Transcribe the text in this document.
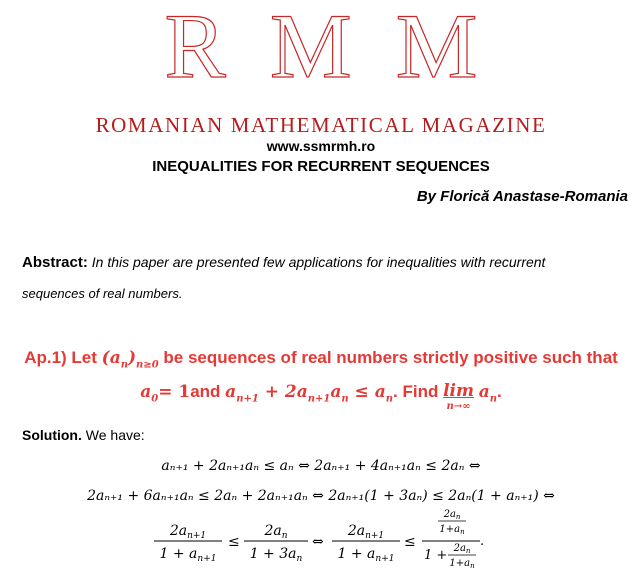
RMM
ROMANIAN MATHEMATICAL MAGAZINE
www.ssmrmh.ro
INEQUALITIES FOR RECURRENT SEQUENCES
By Florică Anastase-Romania
Abstract: In this paper are presented few applications for inequalities with recurrent
sequences of real numbers.
Ap.1) Let $(a_n)_{n\ge 0}$ be sequences of real numbers strictly positive such that
$a_0= 1and$ $a_{n+1} + 2a_{n+1}a_n \le a_n$. Find lim
n→∞
$a_n$.
Solution. We have:
aₙ₊₁ + 2aₙ₊₁aₙ ≤ aₙ ⇔ 2aₙ₊₁ + 4aₙ₊₁aₙ ≤ 2aₙ ⇔
2aₙ₊₁ + 6aₙ₊₁aₙ ≤ 2aₙ + 2aₙ₊₁aₙ ⇔ 2aₙ₊₁(1 + 3aₙ) ≤ 2aₙ(1 + aₙ₊₁) ⇔
$2a_{n+1}$
$1 + a_{n+1}$
≤
$2a_n$
$1 + 3a_n$
⇔
$2a_{n+1}$
$1 + a_{n+1}$
≤
$2a_n$
$1+a_n$
$1 + 2a_n$
$1+a_n$
.
